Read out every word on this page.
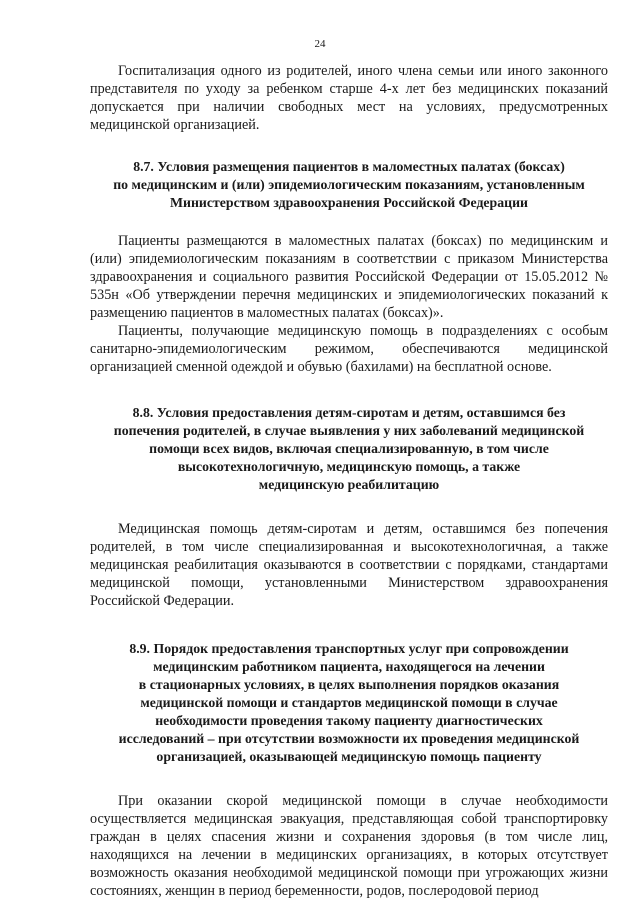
24

Госпитализация одного из родителей, иного члена семьи или иного законного представителя по уходу за ребенком старше 4-х лет без медицинских показаний допускается при наличии свободных мест на условиях, предусмотренных медицинской организацией.

8.7. Условия размещения пациентов в маломестных палатах (боксах)
по медицинским и (или) эпидемиологическим показаниям, установленным
Министерством здравоохранения Российской Федерации

Пациенты размещаются в маломестных палатах (боксах) по медицинским и (или) эпидемиологическим показаниям в соответствии с приказом Министерства здравоохранения и социального развития Российской Федерации от 15.05.2012 № 535н «Об утверждении перечня медицинских и эпидемиологических показаний к размещению пациентов в маломестных палатах (боксах)».

Пациенты, получающие медицинскую помощь в подразделениях с особым санитарно-эпидемиологическим режимом, обеспечиваются медицинской организацией сменной одеждой и обувью (бахилами) на бесплатной основе.

8.8. Условия предоставления детям-сиротам и детям, оставшимся без
попечения родителей, в случае выявления у них заболеваний медицинской
помощи всех видов, включая специализированную, в том числе
высокотехнологичную, медицинскую помощь, а также
медицинскую реабилитацию

Медицинская помощь детям-сиротам и детям, оставшимся без попечения родителей, в том числе специализированная и высокотехнологичная, а также медицинская реабилитация оказываются в соответствии с порядками, стандартами медицинской помощи, установленными Министерством здравоохранения Российской Федерации.

8.9. Порядок предоставления транспортных услуг при сопровождении
медицинским работником пациента, находящегося на лечении
в стационарных условиях, в целях выполнения порядков оказания
медицинской помощи и стандартов медицинской помощи в случае
необходимости проведения такому пациенту диагностических
исследований – при отсутствии возможности их проведения медицинской
организацией, оказывающей медицинскую помощь пациенту

При оказании скорой медицинской помощи в случае необходимости осуществляется медицинская эвакуация, представляющая собой транспортировку граждан в целях спасения жизни и сохранения здоровья (в том числе лиц, находящихся на лечении в медицинских организациях, в которых отсутствует возможность оказания необходимой медицинской помощи при угрожающих жизни состояниях, женщин в период беременности, родов, послеродовой период
